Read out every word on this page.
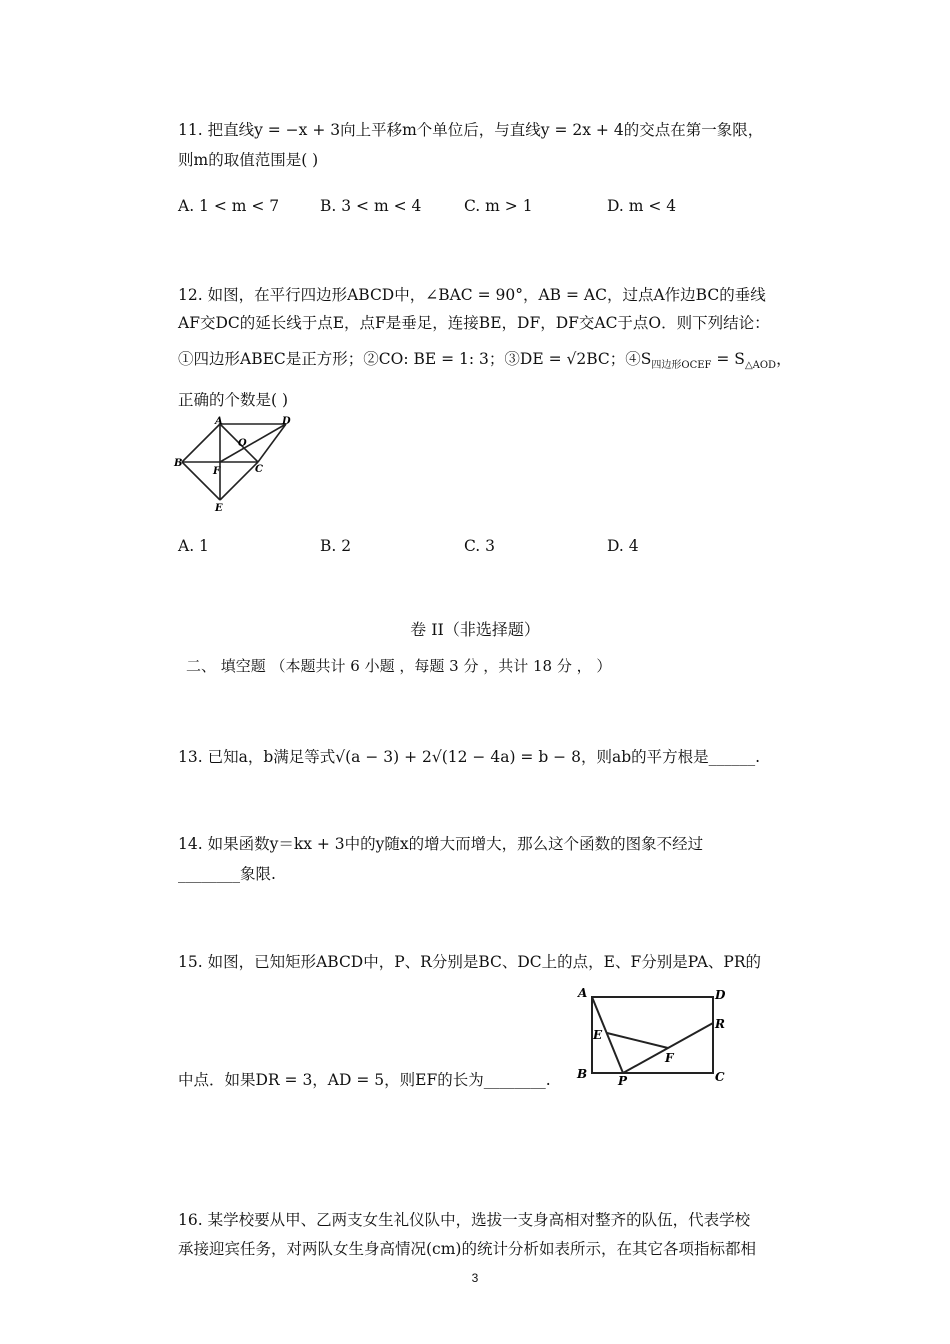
11. 把直线y = −x + 3向上平移m个单位后，与直线y = 2x + 4的交点在第一象限，
则m的取值范围是( )
A. 1 < m < 7	B. 3 < m < 4	C. m > 1	D. m < 4
12. 如图，在平行四边形ABCD中，∠BAC = 90°，AB = AC，过点A作边BC的垂线
AF交DC的延长线于点E，点F是垂足，连接BE，DF，DF交AC于点O．则下列结论：
①四边形ABEC是正方形；②CO: BE = 1: 3；③DE = √2BC；$④S_{四边形OCEF} = S_{\triangle AOD}$，
正确的个数是( )
A	D
O
B
F	C
E
A. 1	B. 2	C. 3	D. 4
卷 II（非选择题）
二、 填空题 （本题共计 6 小题 ，每题 3 分 ，共计 18 分 ， ）
13. 已知a，b满足等式√(a − 3) + 2√(12 − 4a) = b − 8，则ab的平方根是______.
14. 如果函数y＝kx + 3中的y随x的增大而增大，那么这个函数的图象不经过
________象限.
15. 如图，已知矩形ABCD中，P、R分别是BC、DC上的点，E、F分别是PA、PR的
A	D
R
E
F
B	P	C
中点．如果DR = 3，AD = 5，则EF的长为________.
16. 某学校要从甲、乙两支女生礼仪队中，选拔一支身高相对整齐的队伍，代表学校
承接迎宾任务，对两队女生身高情况(cm)的统计分析如表所示，在其它各项指标都相
3
